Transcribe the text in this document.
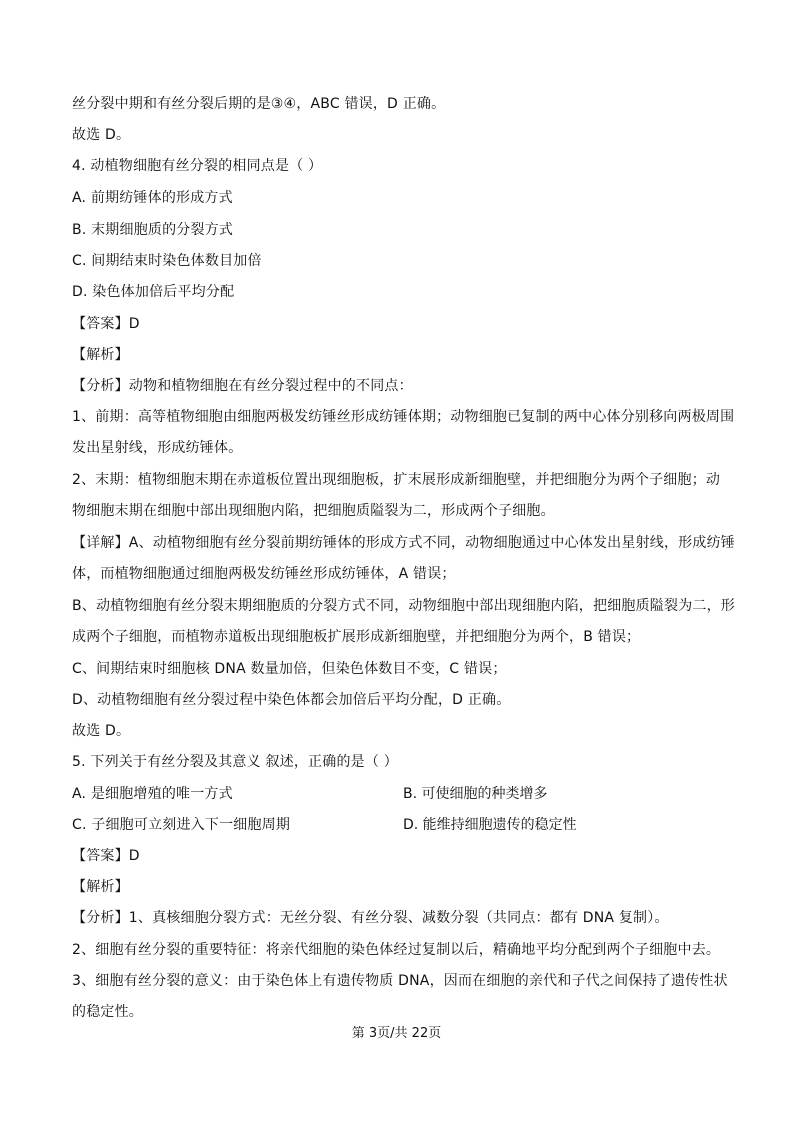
丝分裂中期和有丝分裂后期的是③④，ABC 错误，D 正确。
故选 D。
4. 动植物细胞有丝分裂的相同点是（ ）
A. 前期纺锤体的形成方式
B. 末期细胞质的分裂方式
C. 间期结束时染色体数目加倍
D. 染色体加倍后平均分配
【答案】D
【解析】
【分析】动物和植物细胞在有丝分裂过程中的不同点：
1、前期：高等植物细胞由细胞两极发纺锤丝形成纺锤体期；动物细胞已复制的两中心体分别移向两极周围
发出星射线，形成纺锤体。
2、末期：植物细胞末期在赤道板位置出现细胞板，扩末展形成新细胞壁，并把细胞分为两个子细胞；动
物细胞末期在细胞中部出现细胞内陷，把细胞质隘裂为二，形成两个子细胞。
【详解】A、动植物细胞有丝分裂前期纺锤体的形成方式不同，动物细胞通过中心体发出星射线，形成纺锤
体，而植物细胞通过细胞两极发纺锤丝形成纺锤体，A 错误；
B、动植物细胞有丝分裂末期细胞质的分裂方式不同，动物细胞中部出现细胞内陷，把细胞质隘裂为二，形
成两个子细胞，而植物赤道板出现细胞板扩展形成新细胞壁，并把细胞分为两个，B 错误；
C、间期结束时细胞核 DNA 数量加倍，但染色体数目不变，C 错误；
D、动植物细胞有丝分裂过程中染色体都会加倍后平均分配，D 正确。
故选 D。
5. 下列关于有丝分裂及其意义 叙述，正确的是（ ）
A. 是细胞增殖的唯一方式	B. 可使细胞的种类增多
C. 子细胞可立刻进入下一细胞周期	D. 能维持细胞遗传的稳定性
【答案】D
【解析】
【分析】1、真核细胞分裂方式：无丝分裂、有丝分裂、减数分裂（共同点：都有 DNA 复制）。
2、细胞有丝分裂的重要特征：将亲代细胞的染色体经过复制以后，精确地平均分配到两个子细胞中去。
3、细胞有丝分裂的意义：由于染色体上有遗传物质 DNA，因而在细胞的亲代和子代之间保持了遗传性状
的稳定性。
第 3页/共 22页
